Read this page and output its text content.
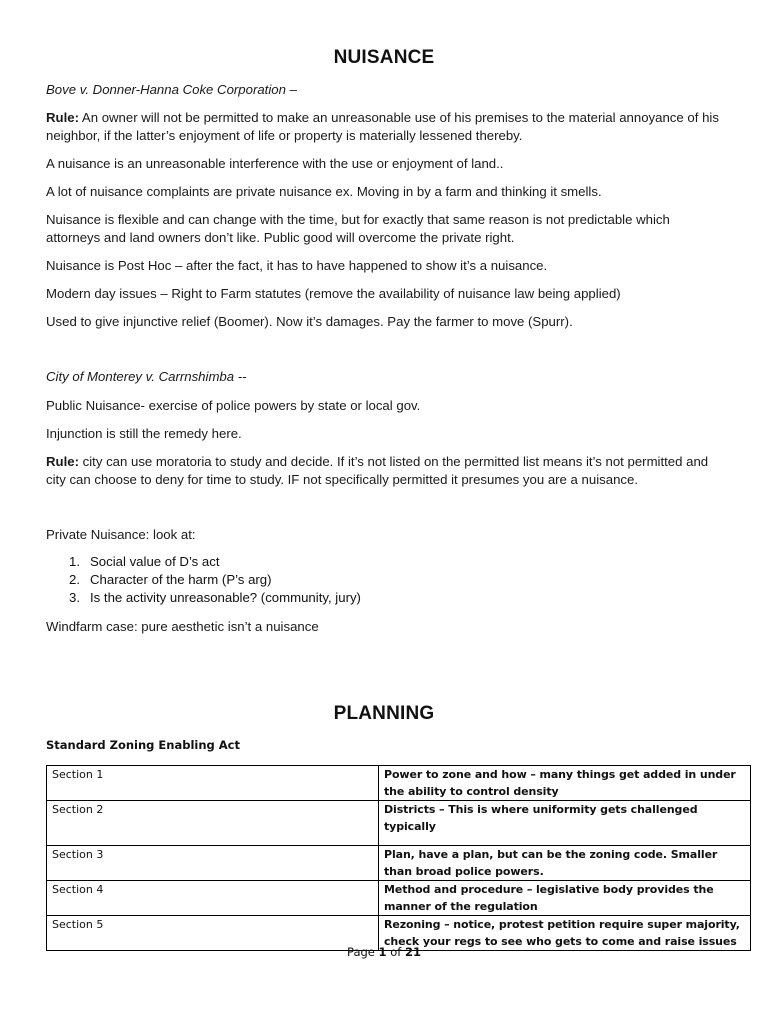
NUISANCE
Bove v. Donner-Hanna Coke Corporation –
Rule: An owner will not be permitted to make an unreasonable use of his premises to the material annoyance of his neighbor, if the latter’s enjoyment of life or property is materially lessened thereby.
A nuisance is an unreasonable interference with the use or enjoyment of land..
A lot of nuisance complaints are private nuisance ex. Moving in by a farm and thinking it smells.
Nuisance is flexible and can change with the time, but for exactly that same reason is not predictable which attorneys and land owners don’t like. Public good will overcome the private right.
Nuisance is Post Hoc – after the fact, it has to have happened to show it’s a nuisance.
Modern day issues – Right to Farm statutes (remove the availability of nuisance law being applied)
Used to give injunctive relief (Boomer). Now it’s damages. Pay the farmer to move (Spurr).
City of Monterey v. Carrnshimba --
Public Nuisance- exercise of police powers by state or local gov.
Injunction is still the remedy here.
Rule: city can use moratoria to study and decide. If it’s not listed on the permitted list means it’s not permitted and city can choose to deny for time to study. IF not specifically permitted it presumes you are a nuisance.
Private Nuisance: look at:
1. Social value of D’s act
2. Character of the harm (P’s arg)
3. Is the activity unreasonable? (community, jury)
Windfarm case: pure aesthetic isn’t a nuisance
PLANNING
Standard Zoning Enabling Act
Section 1	Power to zone and how – many things get added in under the ability to control density
Section 2	Districts – This is where uniformity gets challenged typically
Section 3	Plan, have a plan, but can be the zoning code. Smaller than broad police powers.
Section 4	Method and procedure – legislative body provides the manner of the regulation
Section 5	Rezoning – notice, protest petition require super majority, check your regs to see who gets to come and raise issues
Page 1 of 21
